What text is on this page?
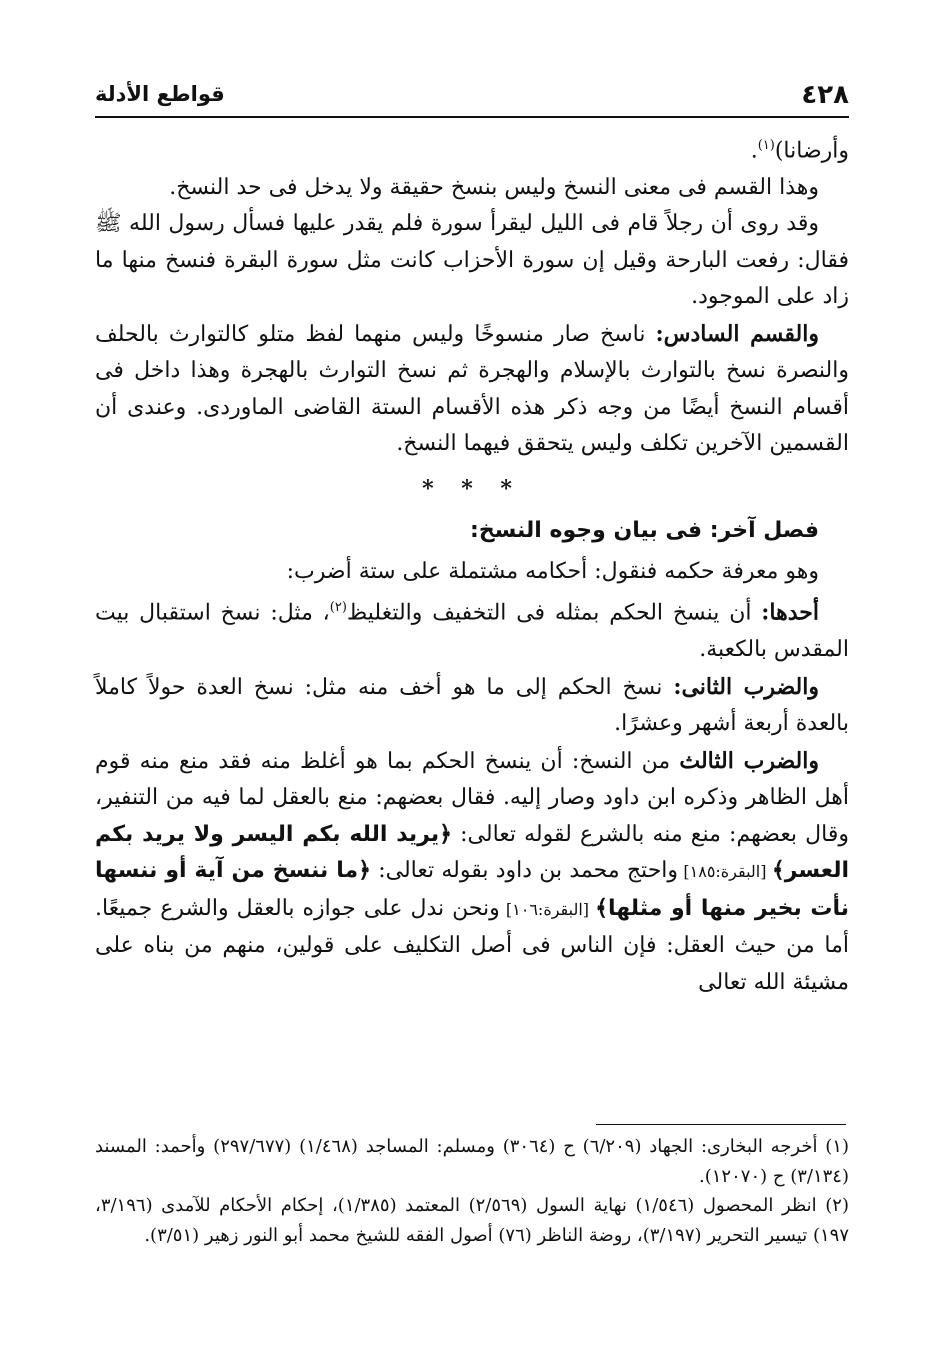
٤٢٨
قواطع الأدلة

وأرضانا)$^{(١)}$.

وهذا القسم فى معنى النسخ وليس بنسخ حقيقة ولا يدخل فى حد النسخ.

وقد روى أن رجلاً قام فى الليل ليقرأ سورة فلم يقدر عليها فسأل رسول الله ﷺ فقال: رفعت البارحة وقيل إن سورة الأحزاب كانت مثل سورة البقرة فنسخ منها ما زاد على الموجود.

والقسم السادس: ناسخ صار منسوخًا وليس منهما لفظ متلو كالتوارث بالحلف والنصرة نسخ بالتوارث بالإسلام والهجرة ثم نسخ التوارث بالهجرة وهذا داخل فى أقسام النسخ أيضًا من وجه ذكر هذه الأقسام الستة القاضى الماوردى. وعندى أن القسمين الآخرين تكلف وليس يتحقق فيهما النسخ.

* * *

فصل آخر: فى بيان وجوه النسخ:

وهو معرفة حكمه فنقول: أحكامه مشتملة على ستة أضرب:

أحدها: أن ينسخ الحكم بمثله فى التخفيف والتغليظ$^{(٢)}$، مثل: نسخ استقبال بيت المقدس بالكعبة.

والضرب الثانى: نسخ الحكم إلى ما هو أخف منه مثل: نسخ العدة حولاً كاملاً بالعدة أربعة أشهر وعشرًا.

والضرب الثالث من النسخ: أن ينسخ الحكم بما هو أغلظ منه فقد منع منه قوم أهل الظاهر وذكره ابن داود وصار إليه. فقال بعضهم: منع بالعقل لما فيه من التنفير، وقال بعضهم: منع منه بالشرع لقوله تعالى: ﴿يريد الله بكم اليسر ولا يريد بكم العسر﴾ [البقرة:١٨٥] واحتج محمد بن داود بقوله تعالى: ﴿ما ننسخ من آية أو ننسها نأت بخير منها أو مثلها﴾ [البقرة:١٠٦] ونحن ندل على جوازه بالعقل والشرع جميعًا. أما من حيث العقل: فإن الناس فى أصل التكليف على قولين، منهم من بناه على مشيئة الله تعالى

(١) أخرجه البخارى: الجهاد (٦/٢٠٩) ح (٣٠٦٤) ومسلم: المساجد (١/٤٦٨) (٢٩٧/٦٧٧) وأحمد: المسند (٣/١٣٤) ح (١٢٠٧٠).

(٢) انظر المحصول (١/٥٤٦) نهاية السول (٢/٥٦٩) المعتمد (١/٣٨٥)، إحكام الأحكام للآمدى (٣/١٩٦، ١٩٧) تيسير التحرير (٣/١٩٧)، روضة الناظر (٧٦) أصول الفقه للشيخ محمد أبو النور زهير (٣/٥١).
